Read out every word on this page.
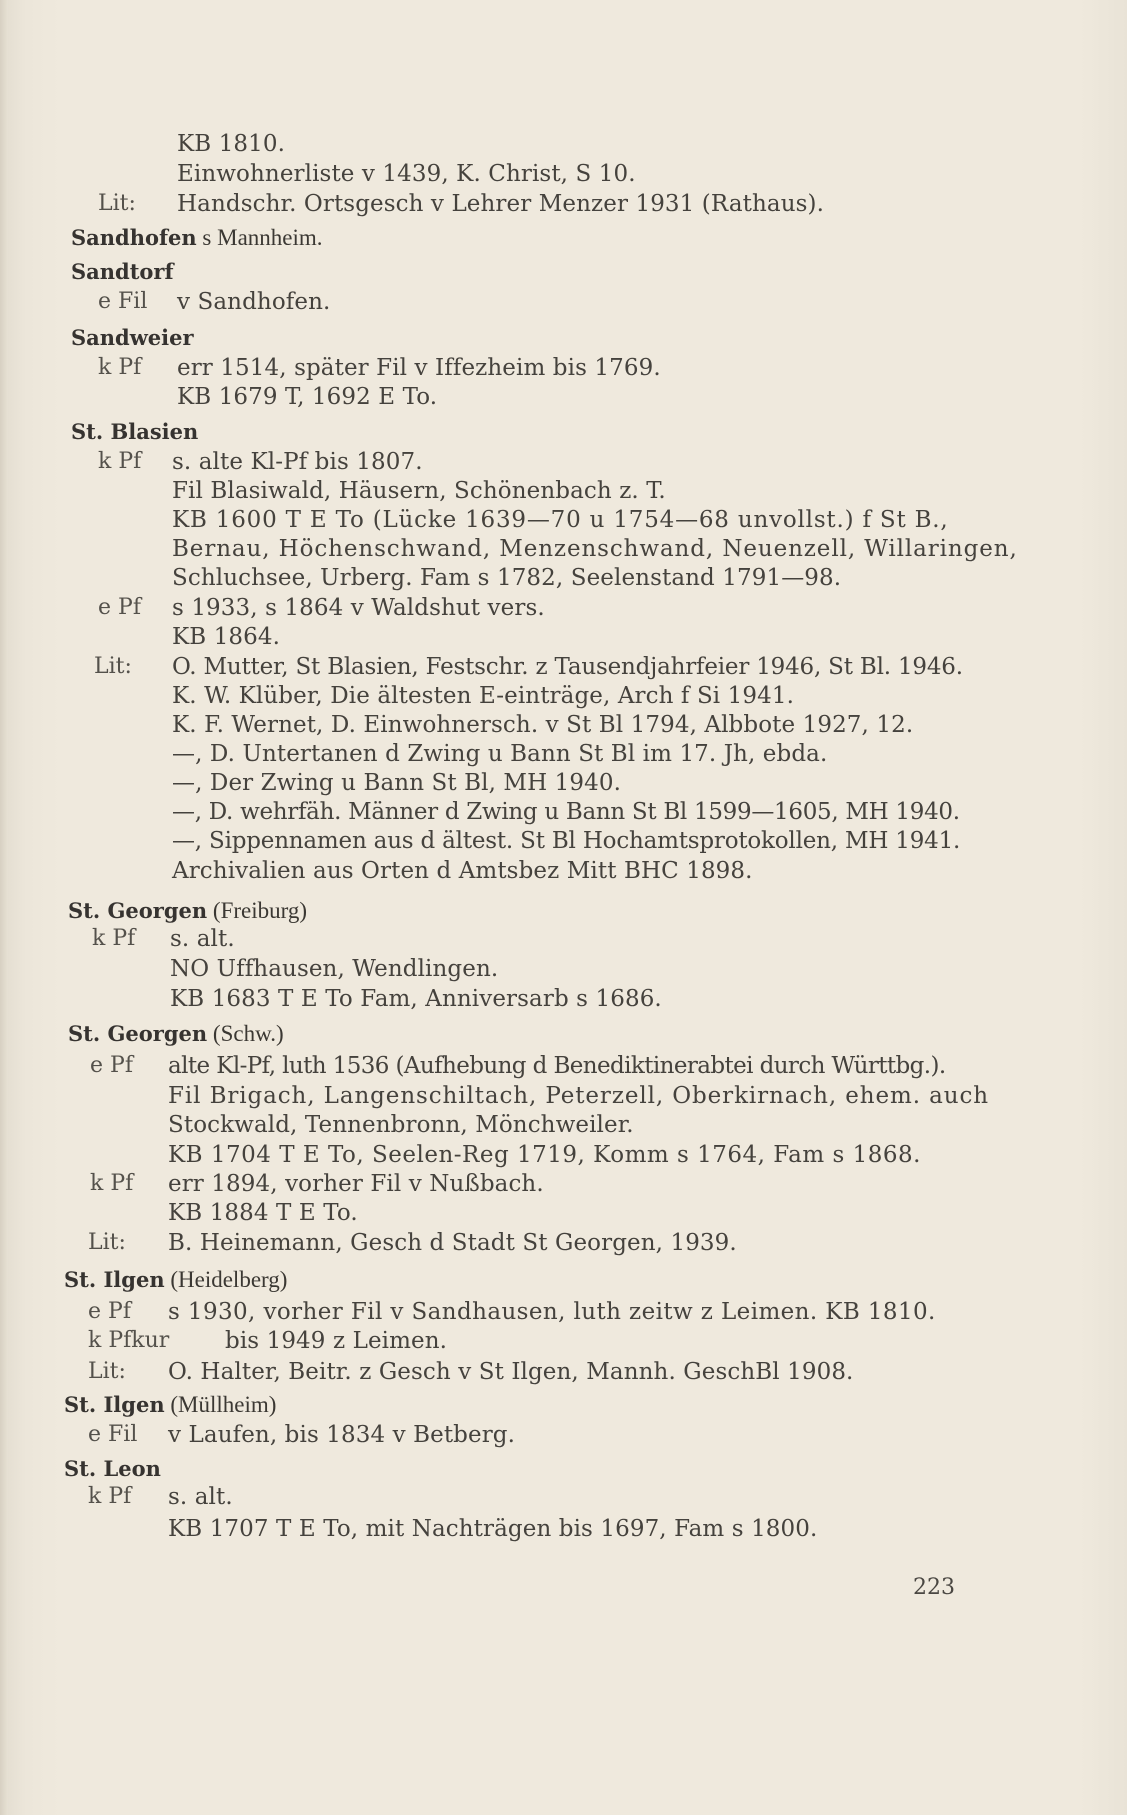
KB 1810.
Einwohnerliste v 1439, K. Christ, S 10.
Lit: Handschr. Ortsgesch v Lehrer Menzer 1931 (Rathaus).
Sandhofen s Mannheim.
Sandtorf
e Fil v Sandhofen.
Sandweier
k Pf err 1514, später Fil v Iffezheim bis 1769.
KB 1679 T, 1692 E To.
St. Blasien
k Pf s. alte Kl-Pf bis 1807.
Fil Blasiwald, Häusern, Schönenbach z. T.
KB 1600 T E To (Lücke 1639—70 u 1754—68 unvollst.) f St B.,
Bernau, Höchenschwand, Menzenschwand, Neuenzell, Willaringen,
Schluchsee, Urberg. Fam s 1782, Seelenstand 1791—98.
e Pf s 1933, s 1864 v Waldshut vers.
KB 1864.
Lit: O. Mutter, St Blasien, Festschr. z Tausendjahrfeier 1946, St Bl. 1946.
K. W. Klüber, Die ältesten E-einträge, Arch f Si 1941.
K. F. Wernet, D. Einwohnersch. v St Bl 1794, Albbote 1927, 12.
—, D. Untertanen d Zwing u Bann St Bl im 17. Jh, ebda.
—, Der Zwing u Bann St Bl, MH 1940.
—, D. wehrfäh. Männer d Zwing u Bann St Bl 1599—1605, MH 1940.
—, Sippennamen aus d ältest. St Bl Hochamtsprotokollen, MH 1941.
Archivalien aus Orten d Amtsbez Mitt BHC 1898.
St. Georgen (Freiburg)
k Pf s. alt.
NO Uffhausen, Wendlingen.
KB 1683 T E To Fam, Anniversarb s 1686.
St. Georgen (Schw.)
e Pf alte Kl-Pf, luth 1536 (Aufhebung d Benediktinerabtei durch Württbg.).
Fil Brigach, Langenschiltach, Peterzell, Oberkirnach, ehem. auch
Stockwald, Tennenbronn, Mönchweiler.
KB 1704 T E To, Seelen-Reg 1719, Komm s 1764, Fam s 1868.
k Pf err 1894, vorher Fil v Nußbach.
KB 1884 T E To.
Lit: B. Heinemann, Gesch d Stadt St Georgen, 1939.
St. Ilgen (Heidelberg)
e Pf s 1930, vorher Fil v Sandhausen, luth zeitw z Leimen. KB 1810.
k Pfkur bis 1949 z Leimen.
Lit: O. Halter, Beitr. z Gesch v St Ilgen, Mannh. GeschBl 1908.
St. Ilgen (Müllheim)
e Fil v Laufen, bis 1834 v Betberg.
St. Leon
k Pf s. alt.
KB 1707 T E To, mit Nachträgen bis 1697, Fam s 1800.
223
